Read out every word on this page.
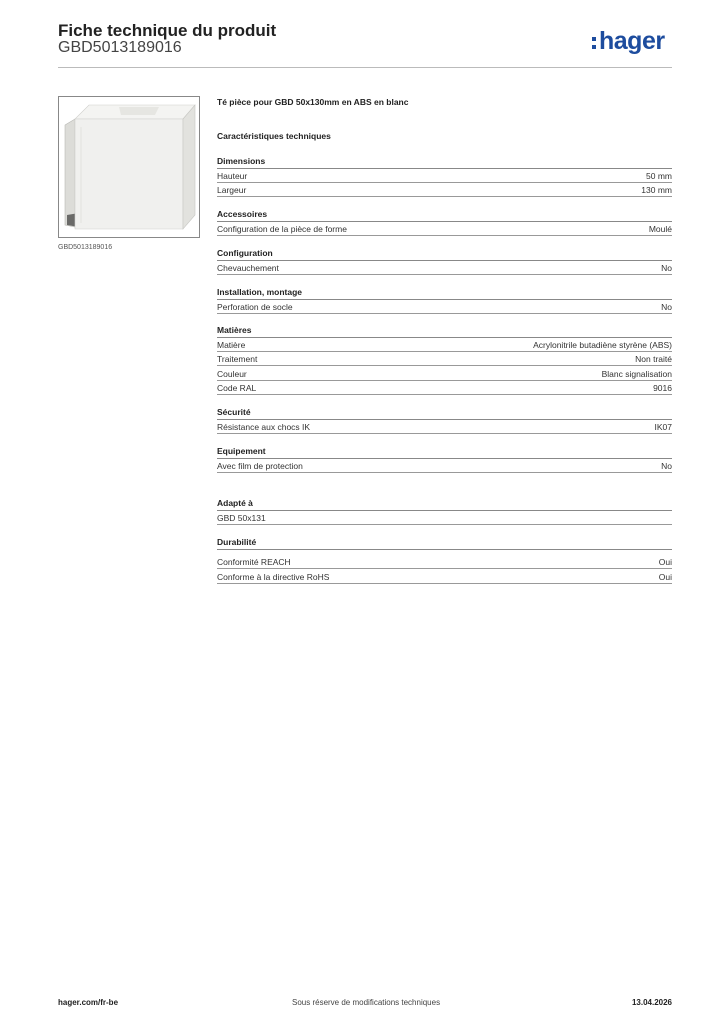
Fiche technique du produit
GBD5013189016	hager
GBD5013189016
Té pièce pour GBD 50x130mm en ABS en blanc
Caractéristiques techniques
Dimensions
Hauteur	50 mm
Largeur	130 mm
Accessoires
Configuration de la pièce de forme	Moulé
Configuration
Chevauchement	No
Installation, montage
Perforation de socle	No
Matières
Matière	Acrylonitrile butadiène styrène (ABS)
Traitement	Non traité
Couleur	Blanc signalisation
Code RAL	9016
Sécurité
Résistance aux chocs IK	IK07
Equipement
Avec film de protection	No
Adapté à
GBD 50x131
Durabilité
Conformité REACH	Oui
Conforme à la directive RoHS	Oui
hager.com/fr-be	Sous réserve de modifications techniques	13.04.2026
